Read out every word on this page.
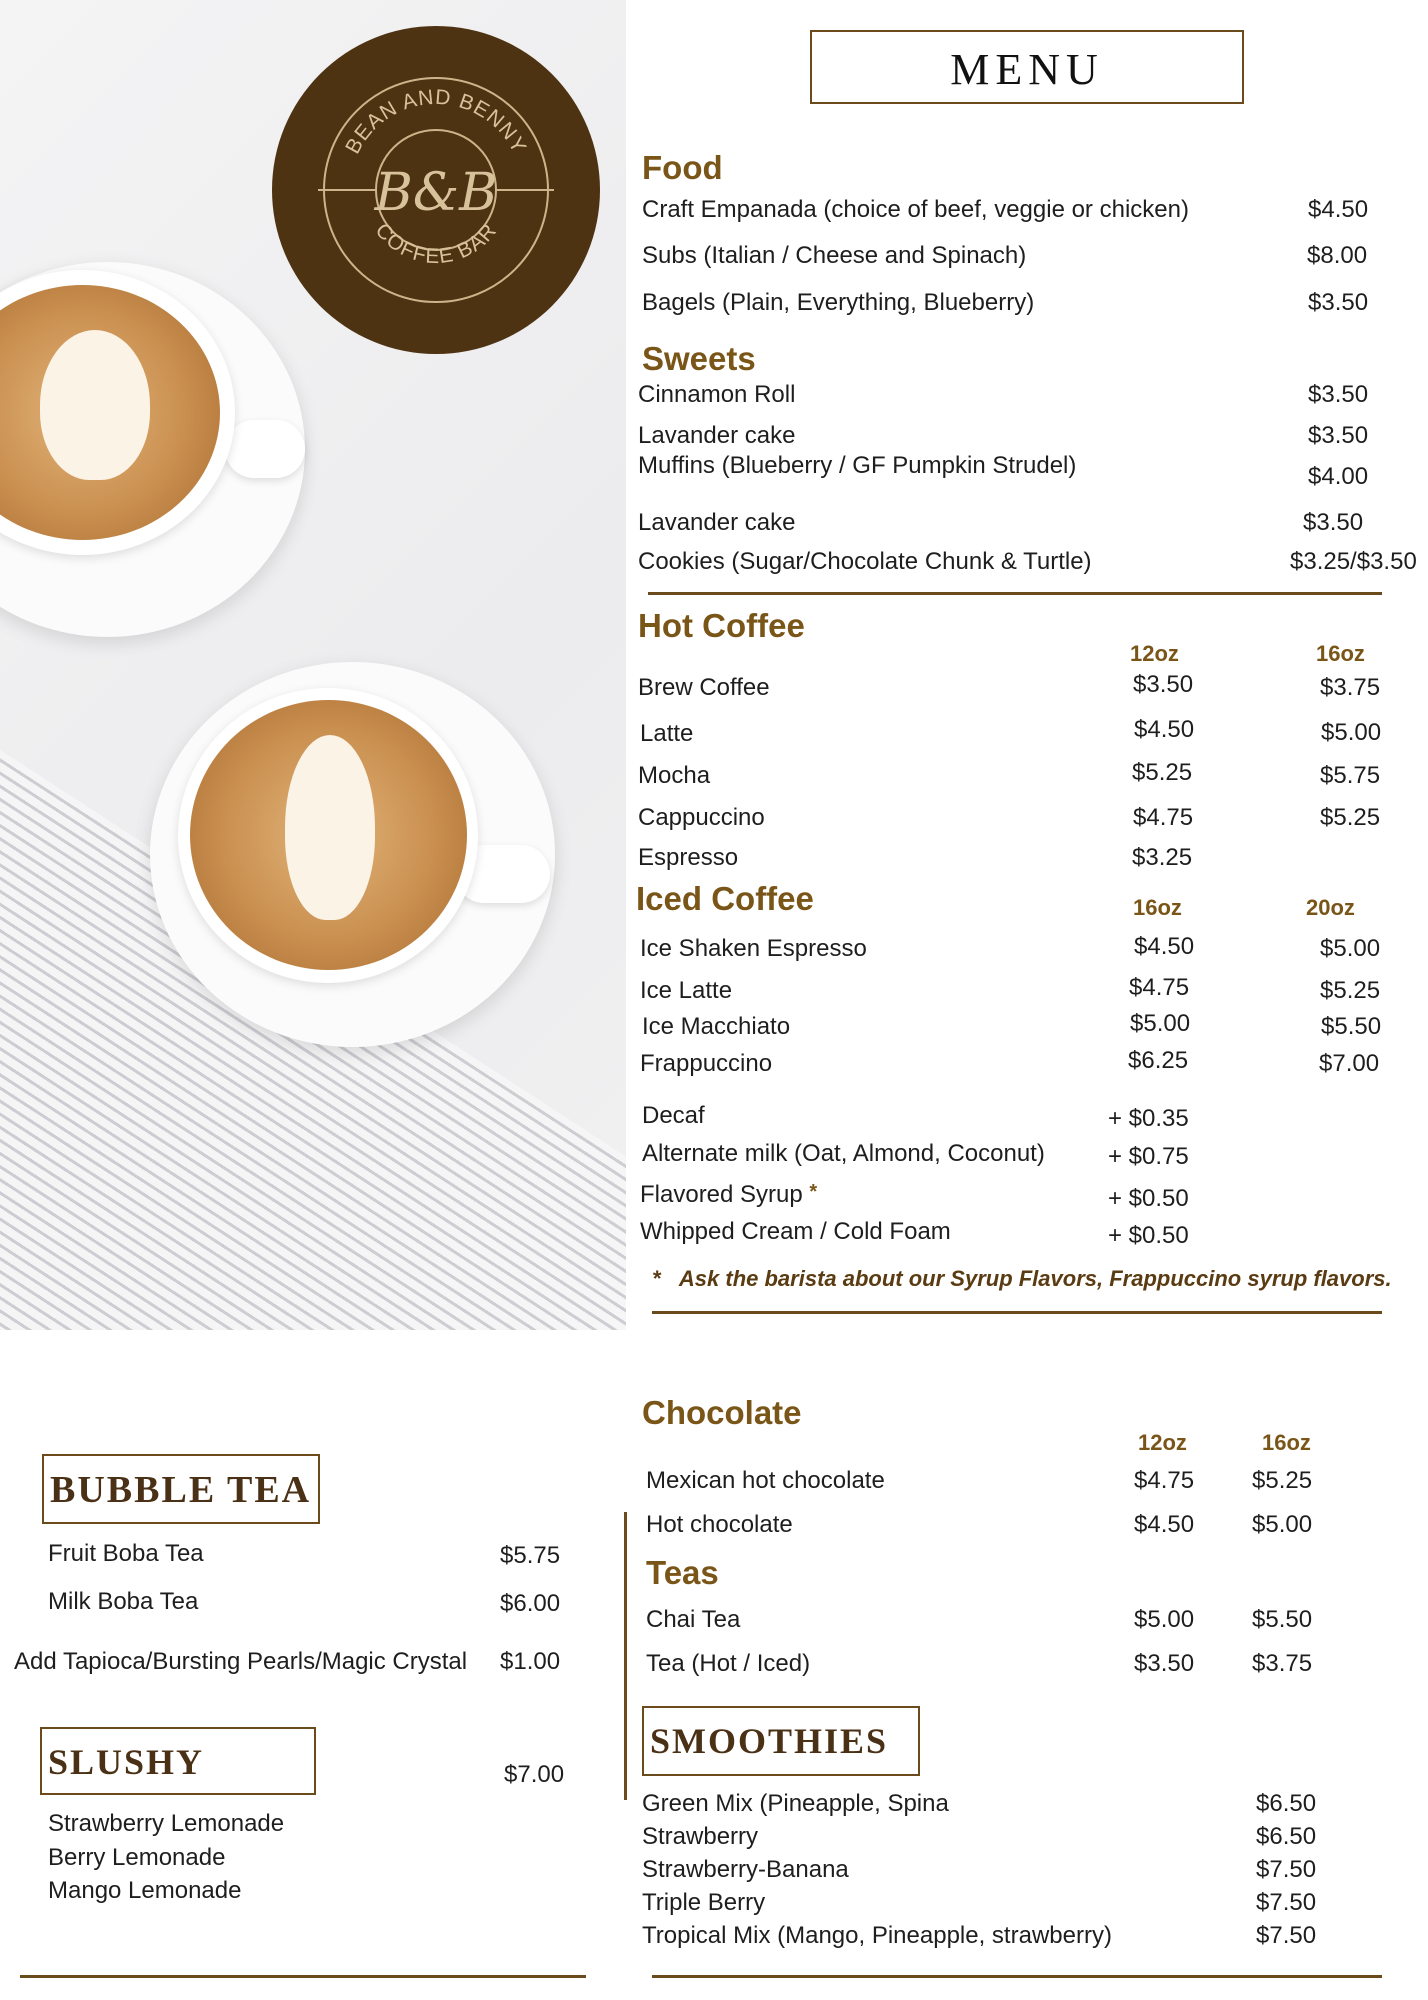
BEAN AND BENNY
COFFEE BAR
B&B
MENU
Food
Craft Empanada (choice of beef, veggie or chicken)	$4.50
Subs (Italian / Cheese and Spinach)	$8.00
Bagels (Plain, Everything, Blueberry)	$3.50
Sweets
Cinnamon Roll	$3.50
Lavander cake	$3.50
Muffins (Blueberry / GF Pumpkin Strudel)	$4.00
Lavander cake	$3.50
Cookies (Sugar/Chocolate Chunk & Turtle)	$3.25/$3.50
Hot Coffee
12oz	16oz
Brew Coffee	$3.50	$3.75
Latte	$4.50	$5.00
Mocha	$5.25	$5.75
Cappuccino	$4.75	$5.25
Espresso	$3.25
Iced Coffee	16oz	20oz
Ice Shaken Espresso	$4.50	$5.00
Ice Latte	$4.75	$5.25
Ice Macchiato	$5.00	$5.50
Frappuccino	$6.25	$7.00
Decaf	+ $0.35
Alternate milk (Oat, Almond, Coconut)	+ $0.75
Flavored Syrup *	+ $0.50
Whipped Cream / Cold Foam	+ $0.50
* Ask the barista about our Syrup Flavors, Frappuccino syrup flavors.
BUBBLE TEA
Fruit Boba Tea	$5.75
Milk Boba Tea	$6.00
Add Tapioca/Bursting Pearls/Magic Crystal $1.00
SLUSHY	$7.00
Strawberry Lemonade
Berry Lemonade
Mango Lemonade
Chocolate
12oz	16oz
Mexican hot chocolate	$4.75 $5.25
Hot chocolate	$4.50 $5.00
Teas
Chai Tea	$5.00 $5.50
Tea (Hot / Iced)	$3.50 $3.75
SMOOTHIES
Green Mix (Pineapple, Spina	$6.50
Strawberry	$6.50
Strawberry-Banana	$7.50
Triple Berry	$7.50
Tropical Mix (Mango, Pineapple, strawberry)	$7.50
